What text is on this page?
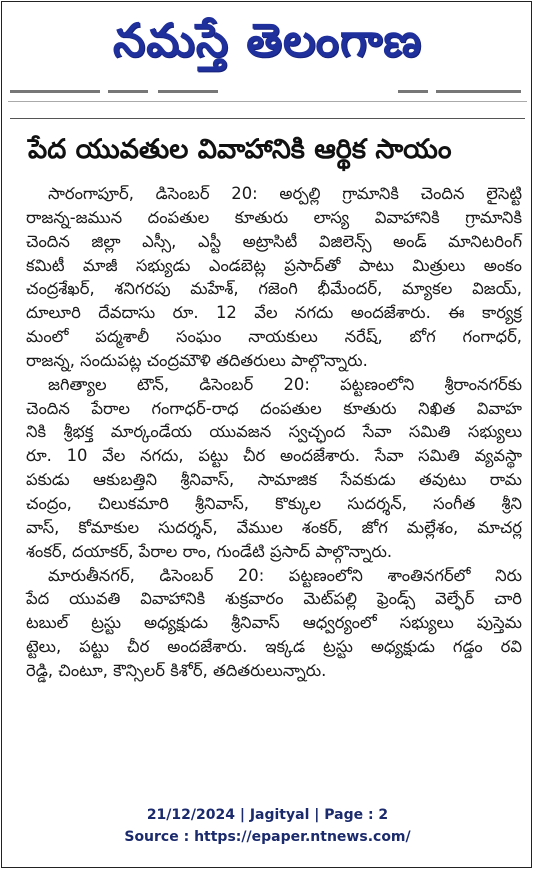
నమస్తే తెలంగాణ
పేద యువతుల వివాహానికి ఆర్థిక సాయం
సారంగాపూర్, డిసెంబర్ 20: అర్పల్లి గ్రామానికి చెందిన లైసెట్టి
రాజన్న-జమున దంపతుల కూతురు లాస్య వివాహానికి గ్రామానికి
చెందిన జిల్లా ఎస్సీ, ఎస్టీ అట్రాసిటీ విజిలెన్స్ అండ్ మానిటరింగ్
కమిటీ మాజీ సభ్యుడు ఎండబెట్ల ప్రసాద్‌తో పాటు మిత్రులు అంకం
చంద్రశేఖర్, శనిగరపు మహేశ్, గజెంగి భీమేందర్, మ్యాకల విజయ్,
దూలూరి దేవదాసు రూ. 12 వేల నగదు అందజేశారు. ఈ కార్యక్ర
మంలో పద్మశాలీ సంఘం నాయకులు నరేష్, బోగ గంగాధర్,
రాజన్న, సందుపట్ల చంద్రమౌళి తదితరులు పాల్గొన్నారు.
జగిత్యాల టౌన్, డిసెంబర్ 20: పట్టణంలోని శ్రీరాంనగర్‌కు
చెందిన పేరాల గంగాధర్-రాధ దంపతుల కూతురు నిఖిత వివాహ
నికి శ్రీభక్త మార్కండేయ యువజన స్వచ్ఛంద సేవా సమితి సభ్యులు
రూ. 10 వేల నగదు, పట్టు చీర అందజేశారు. సేవా సమితి వ్యవస్థా
పకుడు ఆకుబత్తిని శ్రీనివాస్, సామాజిక సేవకుడు తవుటు రామ
చంద్రం, చిలుకమారి శ్రీనివాస్, కొక్కుల సుదర్శన్, సంగీత శ్రీని
వాస్, కోమాకుల సుదర్శన్, వేముల శంకర్, జోగ మల్లేశం, మాచర్ల
శంకర్, దయాకర్, పేరాల రాం, గుండేటి ప్రసాద్ పాల్గొన్నారు.
మారుతీనగర్, డిసెంబర్ 20: పట్టణంలోని శాంతినగర్‌లో నిరు
పేద యువతి వివాహానికి శుక్రవారం మెట్‌పల్లి ఫ్రెండ్స్ వెల్ఫేర్ చారి
టబుల్ ట్రస్టు అధ్యక్షుడు శ్రీనివాస్ ఆధ్వర్యంలో సభ్యులు పుస్తెమ
ట్టెలు, పట్టు చీర అందజేశారు. ఇక్కడ ట్రస్టు అధ్యక్షుడు గడ్డం రవి
రెడ్డి, చింటూ, కౌన్సిలర్ కిశోర్, తదితరులున్నారు.
21/12/2024 | Jagityal | Page : 2
Source : https://epaper.ntnews.com/
